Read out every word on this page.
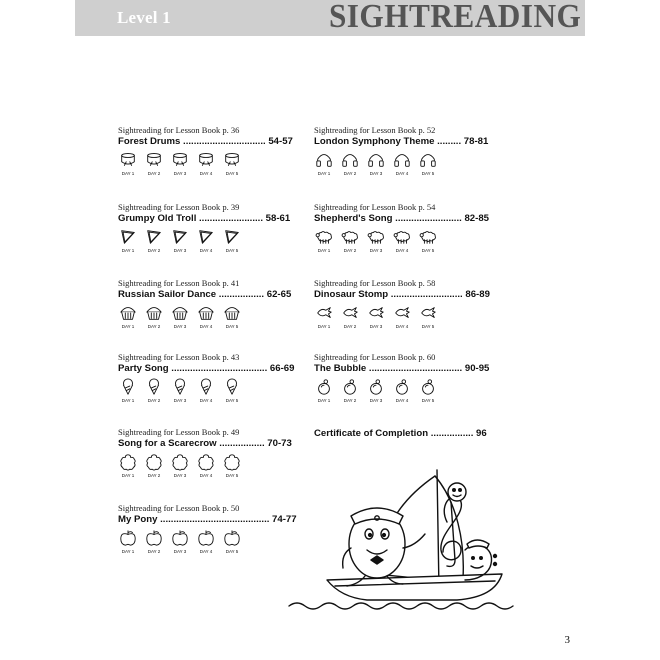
Level 1	SIGHTREADING
Sightreading for Lesson Book p. 36
Forest Drums ............................... 54-57
DAY 1	DAY 2	DAY 3	DAY 4	DAY 5
Sightreading for Lesson Book p. 39
Grumpy Old Troll ........................ 58-61
DAY 1	DAY 2	DAY 3	DAY 4	DAY 5
Sightreading for Lesson Book p. 41
Russian Sailor Dance ................. 62-65
DAY 1	DAY 2	DAY 3	DAY 4	DAY 5
Sightreading for Lesson Book p. 43
Party Song .................................... 66-69
DAY 1	DAY 2	DAY 3	DAY 4	DAY 5
Sightreading for Lesson Book p. 49
Song for a Scarecrow ................. 70-73
DAY 1	DAY 2	DAY 3	DAY 4	DAY 5
Sightreading for Lesson Book p. 50
My Pony ......................................... 74-77
DAY 1	DAY 2	DAY 3	DAY 4	DAY 5
Sightreading for Lesson Book p. 52
London Symphony Theme ......... 78-81
DAY 1	DAY 2	DAY 3	DAY 4	DAY 5
Sightreading for Lesson Book p. 54
Shepherd's Song ......................... 82-85
DAY 1	DAY 2	DAY 3	DAY 4	DAY 5
Sightreading for Lesson Book p. 58
Dinosaur Stomp ........................... 86-89
DAY 1	DAY 2	DAY 3	DAY 4	DAY 5
Sightreading for Lesson Book p. 60
The Bubble ................................... 90-95
DAY 1	DAY 2	DAY 3	DAY 4	DAY 5
Certificate of Completion ................ 96
3
